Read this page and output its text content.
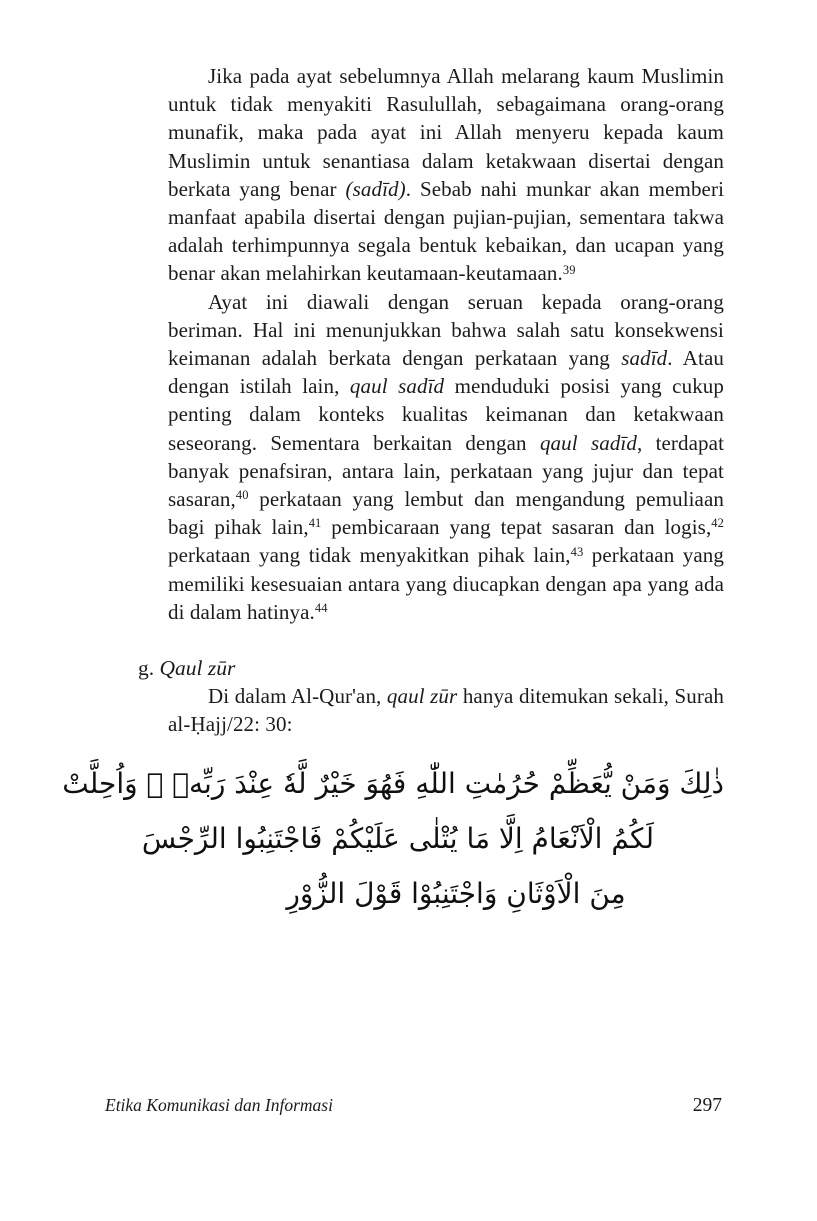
Jika pada ayat sebelumnya Allah melarang kaum Muslimin untuk tidak menyakiti Rasulullah, sebagaimana orang-orang munafik, maka pada ayat ini Allah menyeru kepada kaum Muslimin untuk senantiasa dalam ketakwaan disertai dengan berkata yang benar (sadīd). Sebab nahi munkar akan memberi manfaat apabila disertai dengan pujian-pujian, sementara takwa adalah terhimpunnya segala bentuk kebaikan, dan ucapan yang benar akan melahirkan keutamaan-keutamaan.$^{39}$

Ayat ini diawali dengan seruan kepada orang-orang beriman. Hal ini menunjukkan bahwa salah satu konsekwensi keimanan adalah berkata dengan perkataan yang sadīd. Atau dengan istilah lain, qaul sadīd menduduki posisi yang cukup penting dalam konteks kualitas keimanan dan ketakwaan seseorang. Sementara berkaitan dengan qaul sadīd, terdapat banyak penafsiran, antara lain, perkataan yang jujur dan tepat sasaran,$^{40}$ perkataan yang lembut dan mengandung pemuliaan bagi pihak lain,$^{41}$ pembicaraan yang tepat sasaran dan logis,$^{42}$ perkataan yang tidak menyakitkan pihak lain,$^{43}$ perkataan yang memiliki kesesuaian antara yang diucapkan dengan apa yang ada di dalam hatinya.$^{44}$

g. Qaul zūr

Di dalam Al-Qur'an, qaul zūr hanya ditemukan sekali, Surah al-Ḥajj/22: 30:

ذٰلِكَ وَمَنْ يُّعَظِّمْ حُرُمٰتِ اللّٰهِ فَهُوَ خَيْرٌ لَّهٗ عِنْدَ رَبِّهٖ ۗ وَاُحِلَّتْ
لَكُمُ الْاَنْعَامُ اِلَّا مَا يُتْلٰى عَلَيْكُمْ فَاجْتَنِبُوا الرِّجْسَ
مِنَ الْاَوْثَانِ وَاجْتَنِبُوْا قَوْلَ الزُّوْرِ
Etika Komunikasi dan Informasi	297
